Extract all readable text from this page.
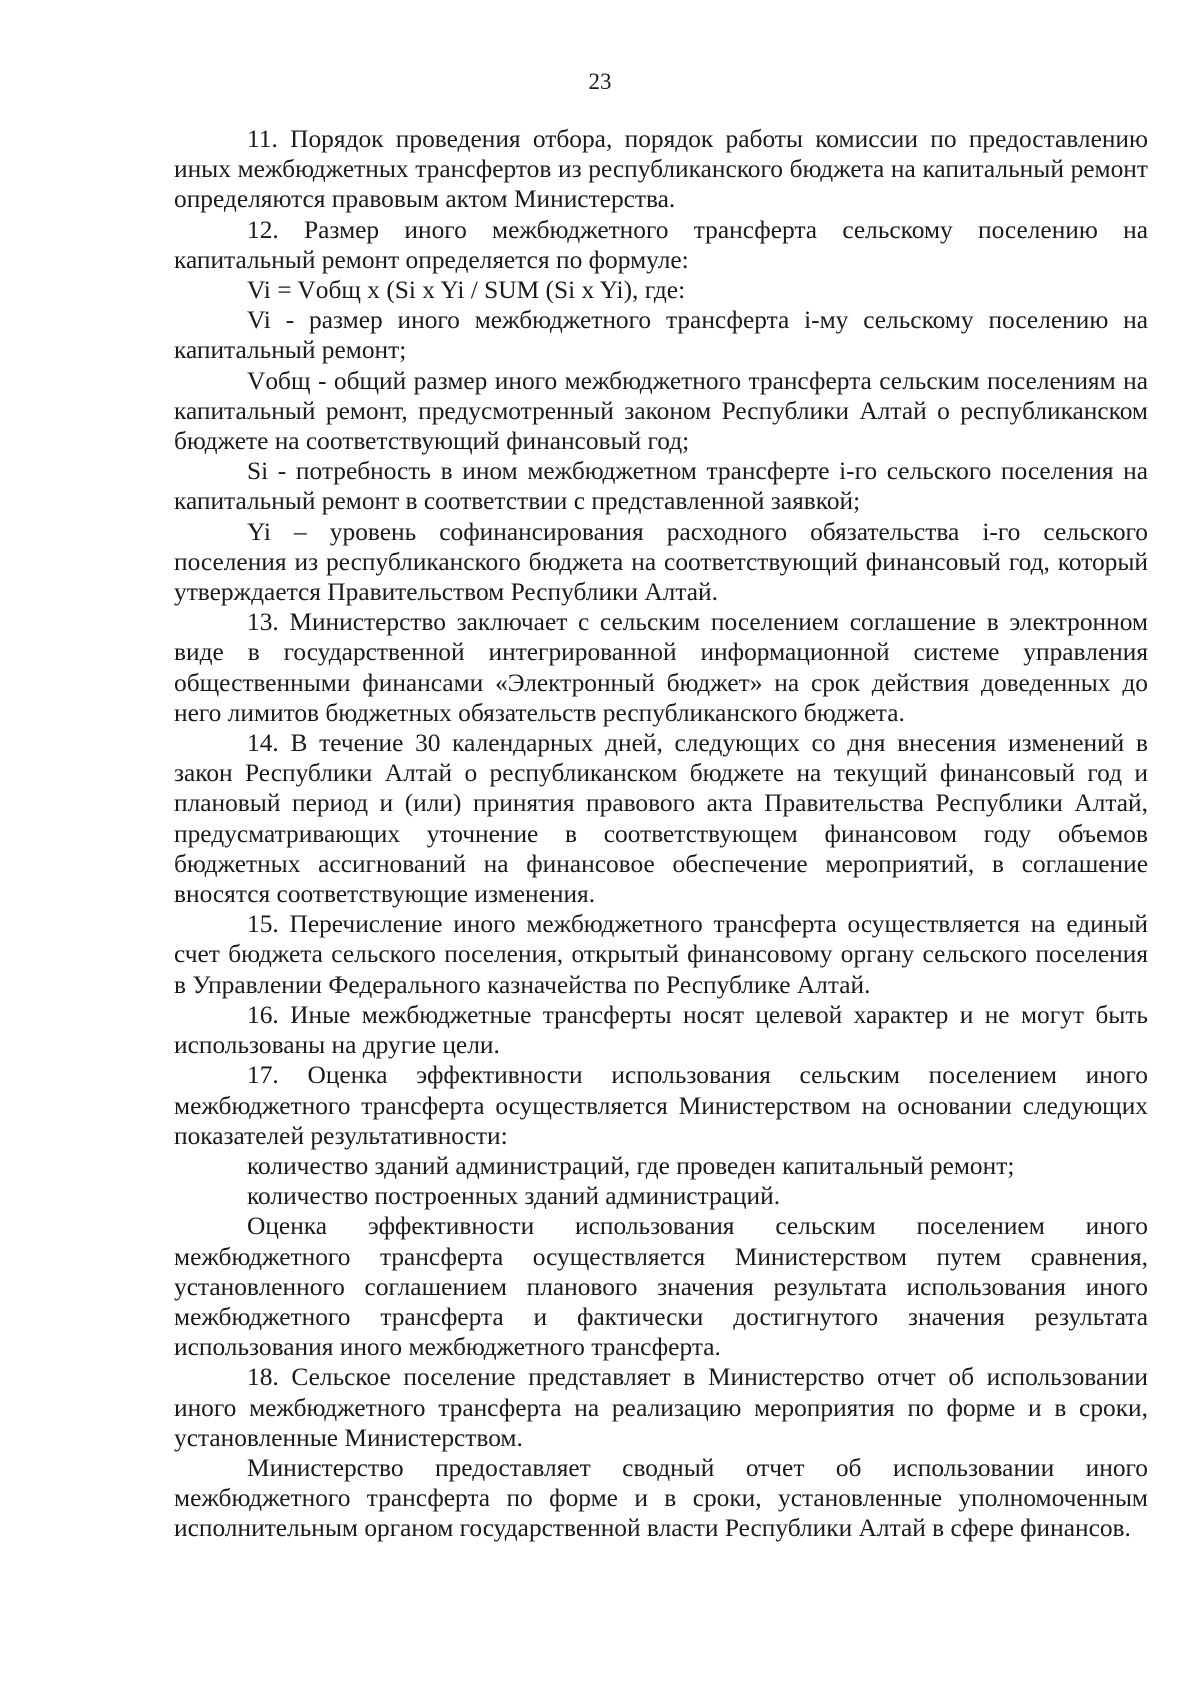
23

11. Порядок проведения отбора, порядок работы комиссии по предоставлению иных межбюджетных трансфертов из республиканского бюджета на капитальный ремонт определяются правовым актом Министерства.

12. Размер иного межбюджетного трансферта сельскому поселению на капитальный ремонт определяется по формуле:

Vi = Vобщ x (Si x Yi / SUM (Si x Yi), где:

Vi - размер иного межбюджетного трансферта i-му сельскому поселению на капитальный ремонт;

Vобщ - общий размер иного межбюджетного трансферта сельским поселениям на капитальный ремонт, предусмотренный законом Республики Алтай о республиканском бюджете на соответствующий финансовый год;

Si - потребность в ином межбюджетном трансферте i-го сельского поселения на капитальный ремонт в соответствии с представленной заявкой;

Yi – уровень софинансирования расходного обязательства i-го сельского поселения из республиканского бюджета на соответствующий финансовый год, который утверждается Правительством Республики Алтай.

13. Министерство заключает с сельским поселением соглашение в электронном виде в государственной интегрированной информационной системе управления общественными финансами «Электронный бюджет» на срок действия доведенных до него лимитов бюджетных обязательств республиканского бюджета.

14. В течение 30 календарных дней, следующих со дня внесения изменений в закон Республики Алтай о республиканском бюджете на текущий финансовый год и плановый период и (или) принятия правового акта Правительства Республики Алтай, предусматривающих уточнение в соответствующем финансовом году объемов бюджетных ассигнований на финансовое обеспечение мероприятий, в соглашение вносятся соответствующие изменения.

15. Перечисление иного межбюджетного трансферта осуществляется на единый счет бюджета сельского поселения, открытый финансовому органу сельского поселения в Управлении Федерального казначейства по Республике Алтай.

16. Иные межбюджетные трансферты носят целевой характер и не могут быть использованы на другие цели.

17. Оценка эффективности использования сельским поселением иного межбюджетного трансферта осуществляется Министерством на основании следующих показателей результативности:

количество зданий администраций, где проведен капитальный ремонт;

количество построенных зданий администраций.

Оценка эффективности использования сельским поселением иного межбюджетного трансферта осуществляется Министерством путем сравнения, установленного соглашением планового значения результата использования иного межбюджетного трансферта и фактически достигнутого значения результата использования иного межбюджетного трансферта.

18. Сельское поселение представляет в Министерство отчет об использовании иного межбюджетного трансферта на реализацию мероприятия по форме и в сроки, установленные Министерством.

Министерство предоставляет сводный отчет об использовании иного межбюджетного трансферта по форме и в сроки, установленные уполномоченным исполнительным органом государственной власти Республики Алтай в сфере финансов.
